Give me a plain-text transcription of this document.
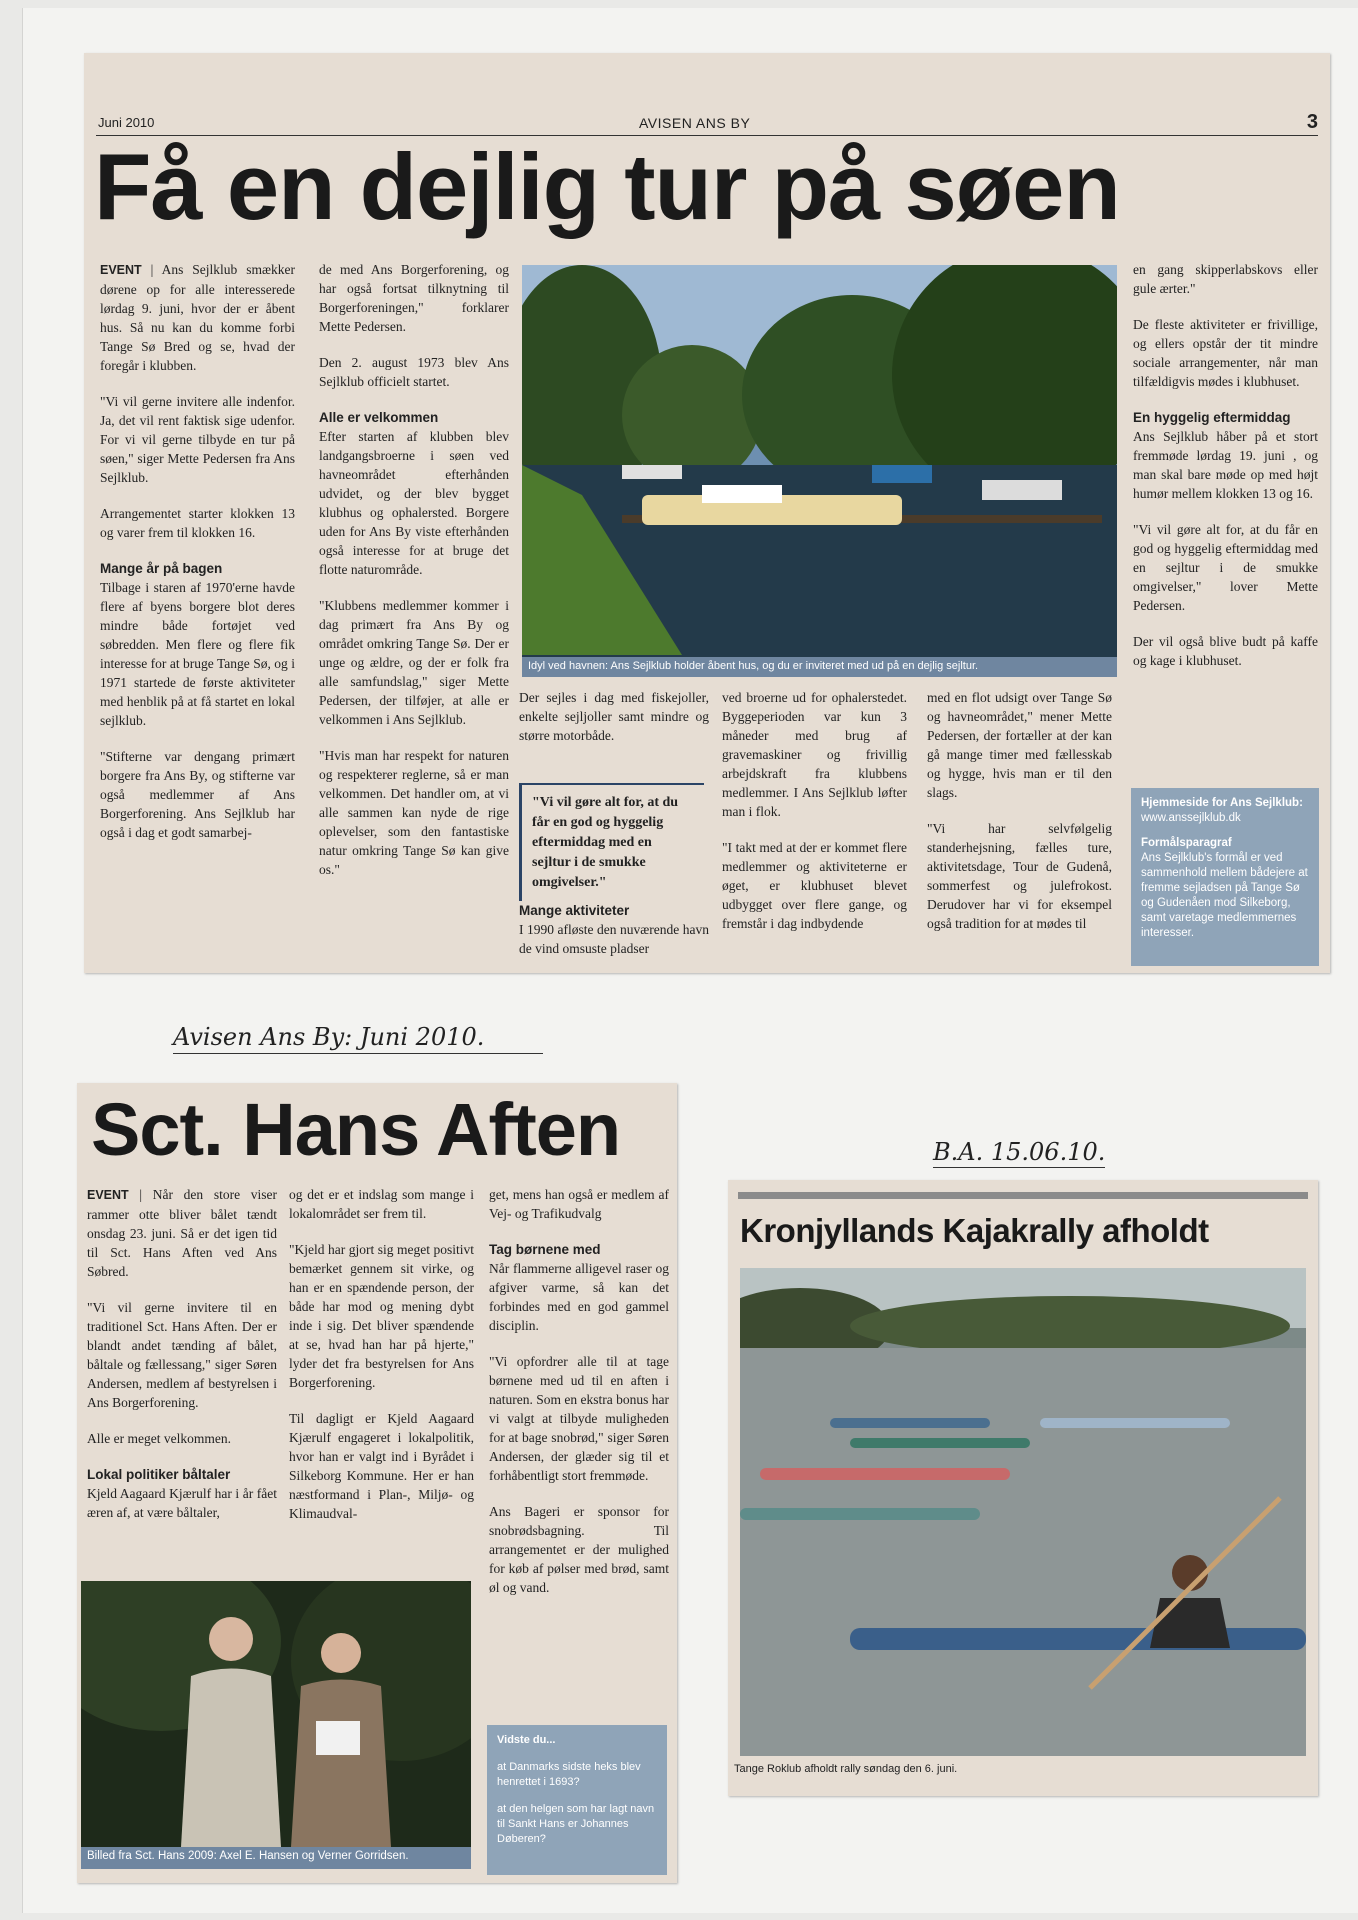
Juni 2010	AVISEN ANS BY	3
Få en dejlig tur på søen

EVENT | Ans Sejlklub smækker dørene op for alle interesserede lørdag 9. juni, hvor der er åbent hus. Så nu kan du komme forbi Tange Sø Bred og se, hvad der foregår i klubben.

"Vi vil gerne invitere alle indenfor. Ja, det vil rent faktisk sige udenfor. For vi vil gerne tilbyde en tur på søen," siger Mette Pedersen fra Ans Sejlklub.

Arrangementet starter klokken 13 og varer frem til klokken 16.

Mange år på bagen

Tilbage i staren af 1970'erne havde flere af byens borgere blot deres mindre både fortøjet ved søbredden. Men flere og flere fik interesse for at bruge Tange Sø, og i 1971 startede de første aktiviteter med henblik på at få startet en lokal sejlklub.

"Stifterne var dengang primært borgere fra Ans By, og stifterne var også medlemmer af Ans Borgerforening. Ans Sejlklub har også i dag et godt samarbej-

de med Ans Borgerforening, og har også fortsat tilknytning til Borgerforeningen," forklarer Mette Pedersen.

Den 2. august 1973 blev Ans Sejlklub officielt startet.

Alle er velkommen

Efter starten af klubben blev landgangsbroerne i søen ved havneområdet efterhånden udvidet, og der blev bygget klubhus og ophalersted. Borgere uden for Ans By viste efterhånden også interesse for at bruge det flotte naturområde.

"Klubbens medlemmer kommer i dag primært fra Ans By og området omkring Tange Sø. Der er unge og ældre, og der er folk fra alle samfundslag," siger Mette Pedersen, der tilføjer, at alle er velkommen i Ans Sejlklub.

"Hvis man har respekt for naturen og respekterer reglerne, så er man velkommen. Det handler om, at vi alle sammen kan nyde de rige oplevelser, som den fantastiske natur omkring Tange Sø kan give os."

Idyl ved havnen: Ans Sejlklub holder åbent hus, og du er inviteret med ud på en dejlig sejltur.

Der sejles i dag med fiskejoller, enkelte sejljoller samt mindre og større motorbåde.

"Vi vil gøre alt for, at du får en god og hyggelig eftermiddag med en sejltur i de smukke omgivelser."
Mange aktiviteter

I 1990 afløste den nuværende havn de vind omsuste pladser

ved broerne ud for ophalerstedet. Byggeperioden var kun 3 måneder med brug af gravemaskiner og frivillig arbejdskraft fra klubbens medlemmer. I Ans Sejlklub løfter man i flok.

"I takt med at der er kommet flere medlemmer og aktiviteterne er øget, er klubhuset blevet udbygget over flere gange, og fremstår i dag indbydende

med en flot udsigt over Tange Sø og havneområdet," mener Mette Pedersen, der fortæller at der kan gå mange timer med fællesskab og hygge, hvis man er til den slags.

"Vi har selvfølgelig standerhejsning, fælles ture, aktivitetsdage, Tour de Gudenå, sommerfest og julefrokost. Derudover har vi for eksempel også tradition for at mødes til

en gang skipperlabskovs eller gule ærter."

De fleste aktiviteter er frivillige, og ellers opstår der tit mindre sociale arrangementer, når man tilfældigvis mødes i klubhuset.

En hyggelig eftermiddag

Ans Sejlklub håber på et stort fremmøde lørdag 19. juni , og man skal bare møde op med højt humør mellem klokken 13 og 16.

"Vi vil gøre alt for, at du får en god og hyggelig eftermiddag med en sejltur i de smukke omgivelser," lover Mette Pedersen.

Der vil også blive budt på kaffe og kage i klubhuset.

Hjemmeside for Ans Sejlklub:
www.anssejlklub.dk
Formålsparagraf
Ans Sejlklub's formål er ved sammenhold mellem bådejere at fremme sejladsen på Tange Sø og Gudenåen mod Silkeborg, samt varetage medlemmernes interesser.
Avisen Ans By: Juni 2010.
Sct. Hans Aften

EVENT | Når den store viser rammer otte bliver bålet tændt onsdag 23. juni. Så er det igen tid til Sct. Hans Aften ved Ans Søbred.

"Vi vil gerne invitere til en traditionel Sct. Hans Aften. Der er blandt andet tænding af bålet, båltale og fællessang," siger Søren Andersen, medlem af bestyrelsen i Ans Borgerforening.

Alle er meget velkommen.

Lokal politiker båltaler

Kjeld Aagaard Kjærulf har i år fået æren af, at være båltaler,

og det er et indslag som mange i lokalområdet ser frem til.

"Kjeld har gjort sig meget positivt bemærket gennem sit virke, og han er en spændende person, der både har mod og mening dybt inde i sig. Det bliver spændende at se, hvad han har på hjerte," lyder det fra bestyrelsen for Ans Borgerforening.

Til dagligt er Kjeld Aagaard Kjærulf engageret i lokalpolitik, hvor han er valgt ind i Byrådet i Silkeborg Kommune. Her er han næstformand i Plan-, Miljø- og Klimaudval-

get, mens han også er medlem af Vej- og Trafikudvalg

Tag børnene med

Når flammerne alligevel raser og afgiver varme, så kan det forbindes med en god gammel disciplin.

"Vi opfordrer alle til at tage børnene med ud til en aften i naturen. Som en ekstra bonus har vi valgt at tilbyde muligheden for at bage snobrød," siger Søren Andersen, der glæder sig til et forhåbentligt stort fremmøde.

Ans Bageri er sponsor for snobrødsbagning. Til arrangementet er der mulighed for køb af pølser med brød, samt øl og vand.

Billed fra Sct. Hans 2009: Axel E. Hansen og Verner Gorridsen.
Vidste du...
at Danmarks sidste heks blev henrettet i 1693?
at den helgen som har lagt navn til Sankt Hans er Johannes Døberen?
B.A. 15.06.10.
Kronjyllands Kajakrally afholdt
Tange Roklub afholdt rally søndag den 6. juni.
